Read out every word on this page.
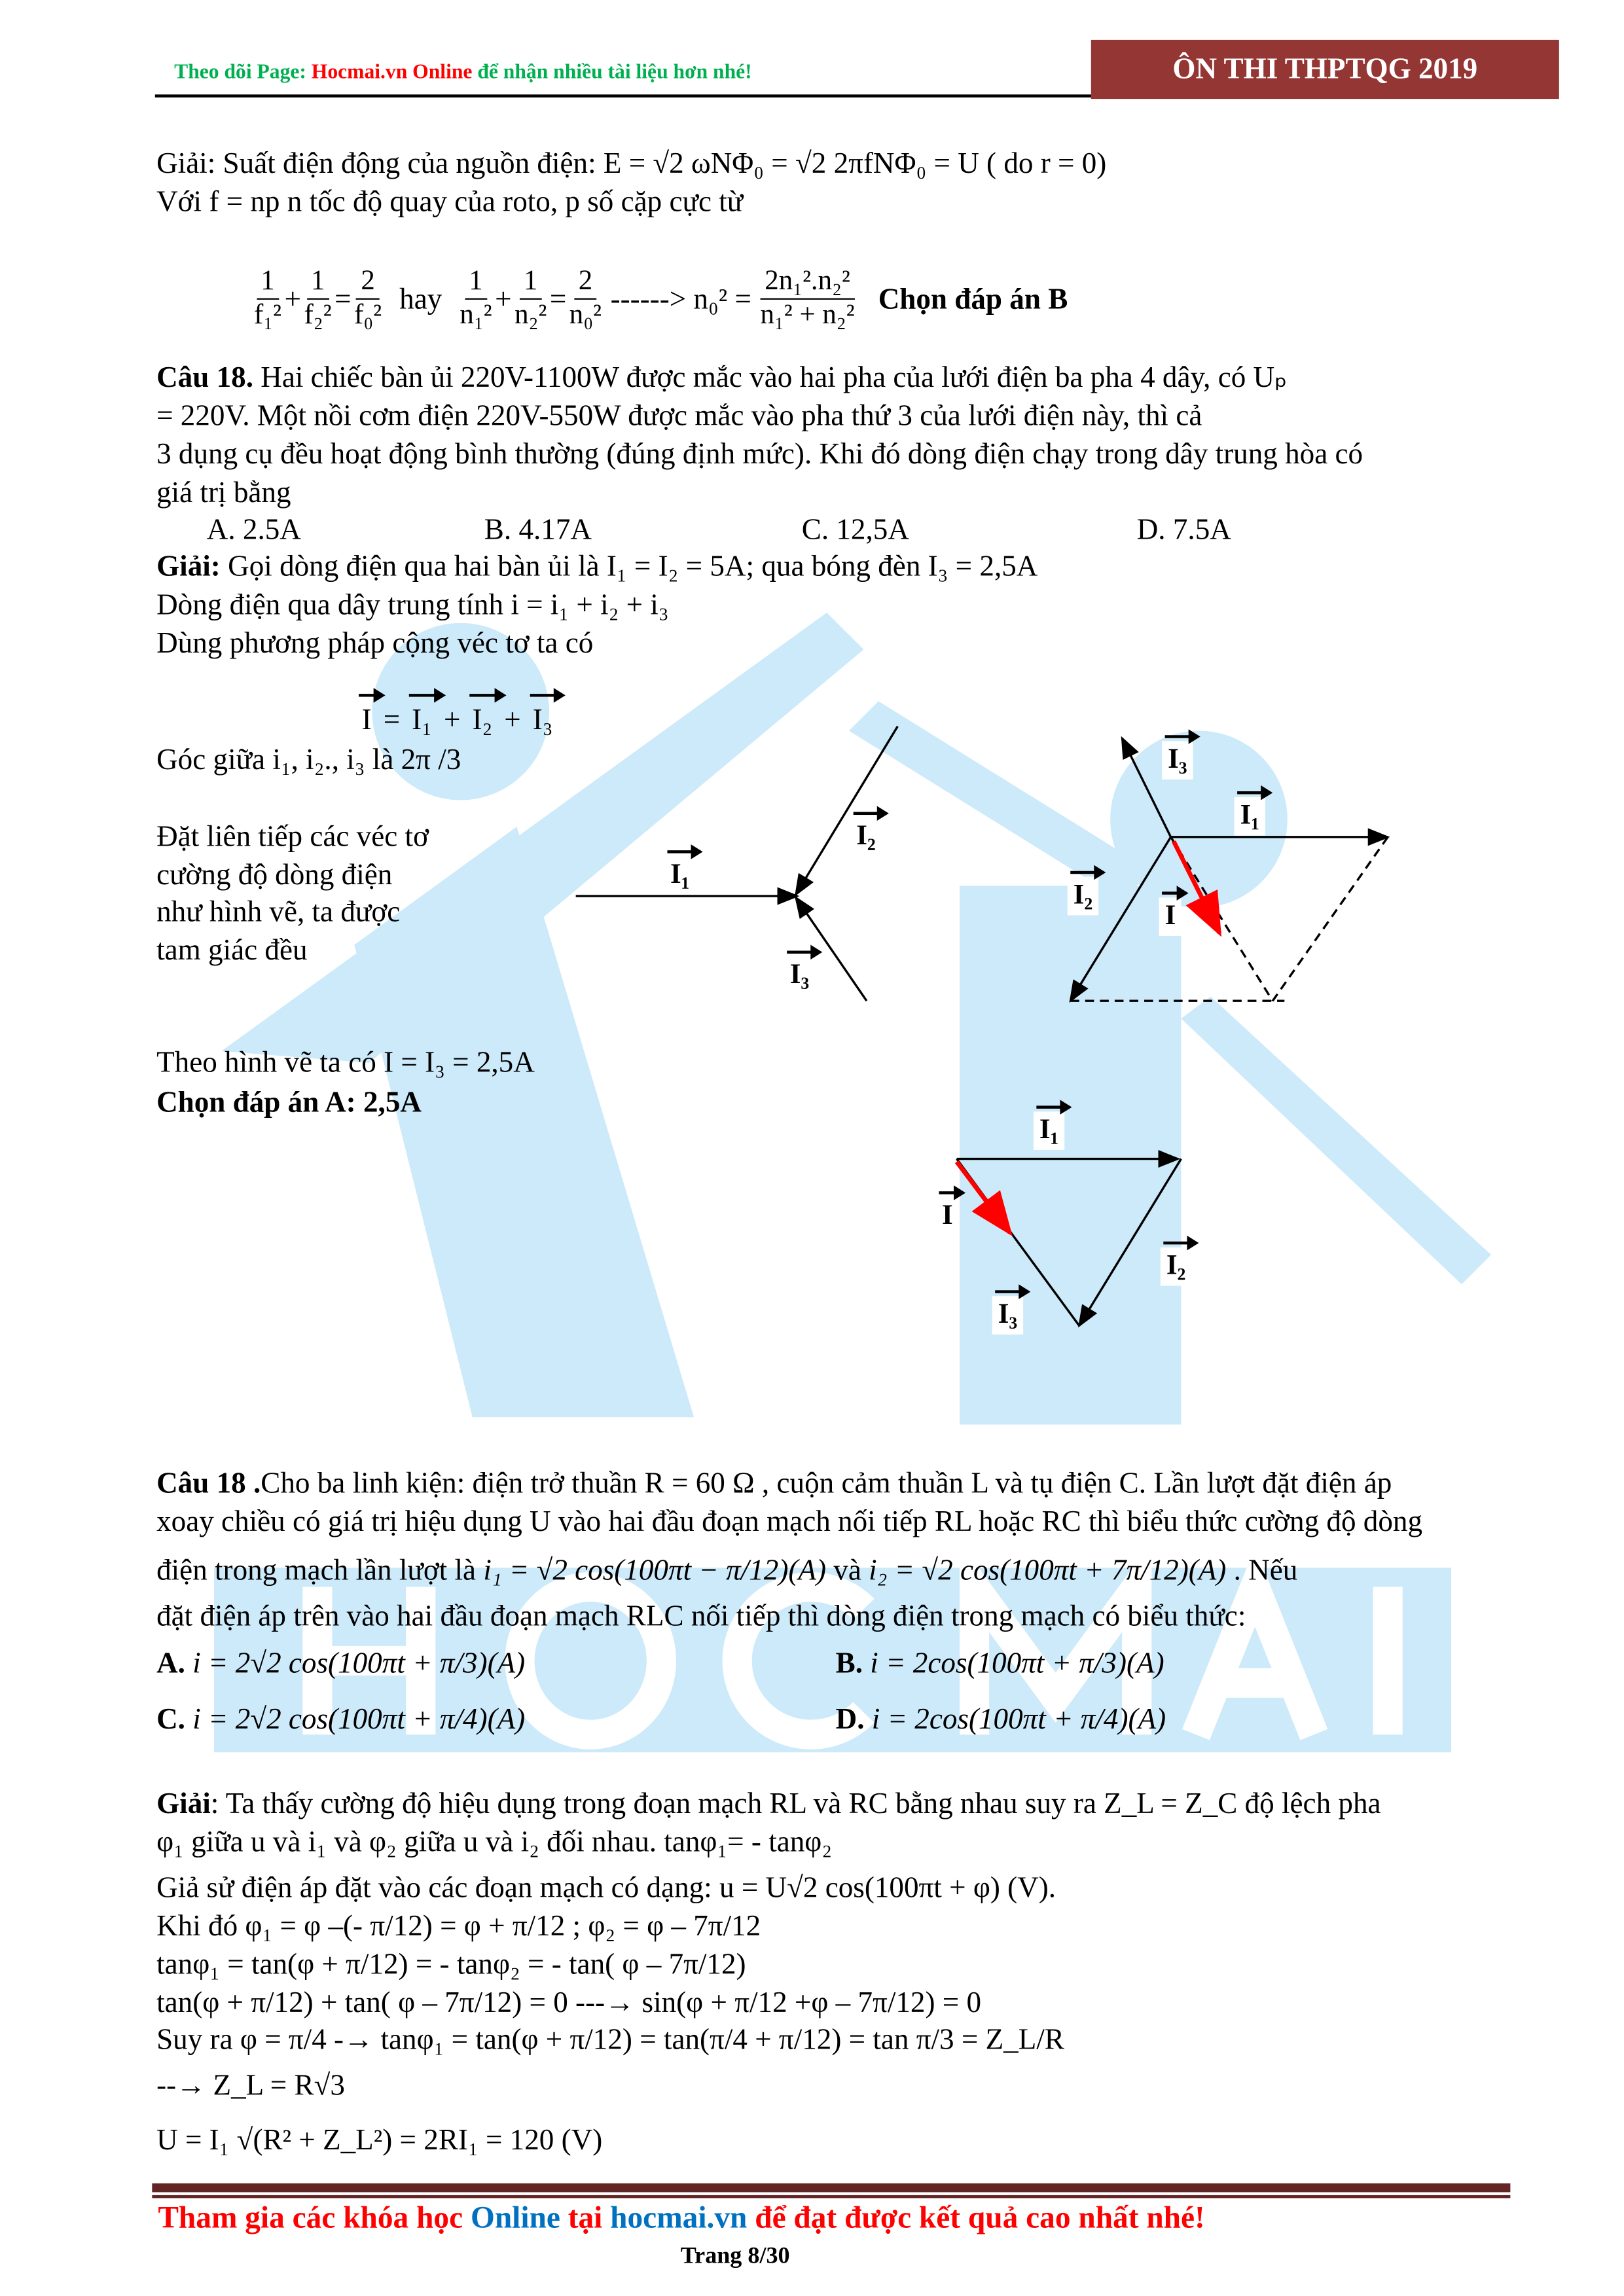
Theo dõi Page: Hocmai.vn Online để nhận nhiều tài liệu hơn nhé!	ÔN THI THPTQG 2019
Giải: Suất điện động của nguồn điện: E = √2 ωNΦ₀ = √2 2πfNΦ₀ = U ( do r = 0)
Với f = np n tốc độ quay của roto, p số cặp cực từ
$\frac{1}{\text{f₁²}} + \frac{1}{\text{f₂²}} = \frac{2}{\text{f₀²}}$ hay $\frac{1}{\text{n₁²}} + \frac{1}{\text{n₂²}} = \frac{2}{\text{n₀²}}$ ------> $n_0^2 = \frac{\text{2n₁².n₂²}}{\text{n₁² + n₂²}}$ Chọn đáp án B
Câu 18. Hai chiếc bàn ủi 220V-1100W được mắc vào hai pha của lưới điện ba pha 4 dây, có Uₚ
= 220V. Một nồi cơm điện 220V-550W được mắc vào pha thứ 3 của lưới điện này, thì cả
3 dụng cụ đều hoạt động bình thường (đúng định mức). Khi đó dòng điện chạy trong dây trung hòa có
giá trị bằng
A. 2.5A	B. 4.17A	C. 12,5A	D. 7.5A
Giải: Gọi dòng điện qua hai bàn ủi là I₁ = I₂ = 5A; qua bóng đèn I₃ = 2,5A
Dòng điện qua dây trung tính i = i₁ + i₂ + i₃
Dùng phương pháp cộng véc tơ ta có
I = I₁ + I₂ + I₃
Góc giữa i₁, i₂., i₃ là 2π /3
Đặt liên tiếp các véc tơ
cường độ dòng điện
như hình vẽ, ta được
tam giác đều
Theo hình vẽ ta có I = I₃ = 2,5A
Chọn đáp án A: 2,5A
I₁
I₂
I₃
I₃
I₁
I₂
I
I₁
I
I₂
I₃
Câu 18 .Cho ba linh kiện: điện trở thuần R = 60 Ω , cuộn cảm thuần L và tụ điện C. Lần lượt đặt điện áp
xoay chiều có giá trị hiệu dụng U vào hai đầu đoạn mạch nối tiếp RL hoặc RC thì biểu thức cường độ dòng
điện trong mạch lần lượt là i₁ = √2 cos(100πt − π/12)(A) và i₂ = √2 cos(100πt + 7π/12)(A) . Nếu
đặt điện áp trên vào hai đầu đoạn mạch RLC nối tiếp thì dòng điện trong mạch có biểu thức:
A. i = 2√2 cos(100πt + π/3)(A)	B. i = 2cos(100πt + π/3)(A)
C. i = 2√2 cos(100πt + π/4)(A)	D. i = 2cos(100πt + π/4)(A)
Giải: Ta thấy cường độ hiệu dụng trong đoạn mạch RL và RC bằng nhau suy ra Z_L = Z_C độ lệch pha
φ₁ giữa u và i₁ và φ₂ giữa u và i₂ đối nhau. tanφ₁= - tanφ₂
Giả sử điện áp đặt vào các đoạn mạch có dạng: u = U√2 cos(100πt + φ) (V).
Khi đó φ₁ = φ –(- π/12) = φ + π/12 ; φ₂ = φ – 7π/12
tanφ₁ = tan(φ + π/12) = - tanφ₂ = - tan( φ – 7π/12)
tan(φ + π/12) + tan( φ – 7π/12) = 0 ---→ sin(φ + π/12 +φ – 7π/12) = 0
Suy ra φ = π/4 -→ tanφ₁ = tan(φ + π/12) = tan(π/4 + π/12) = tan π/3 = Z_L/R
--→ Z_L = R√3
U = I₁ √(R² + Z_L²) = 2RI₁ = 120 (V)
Tham gia các khóa học Online tại hocmai.vn để đạt được kết quả cao nhất nhé!
Trang 8/30
